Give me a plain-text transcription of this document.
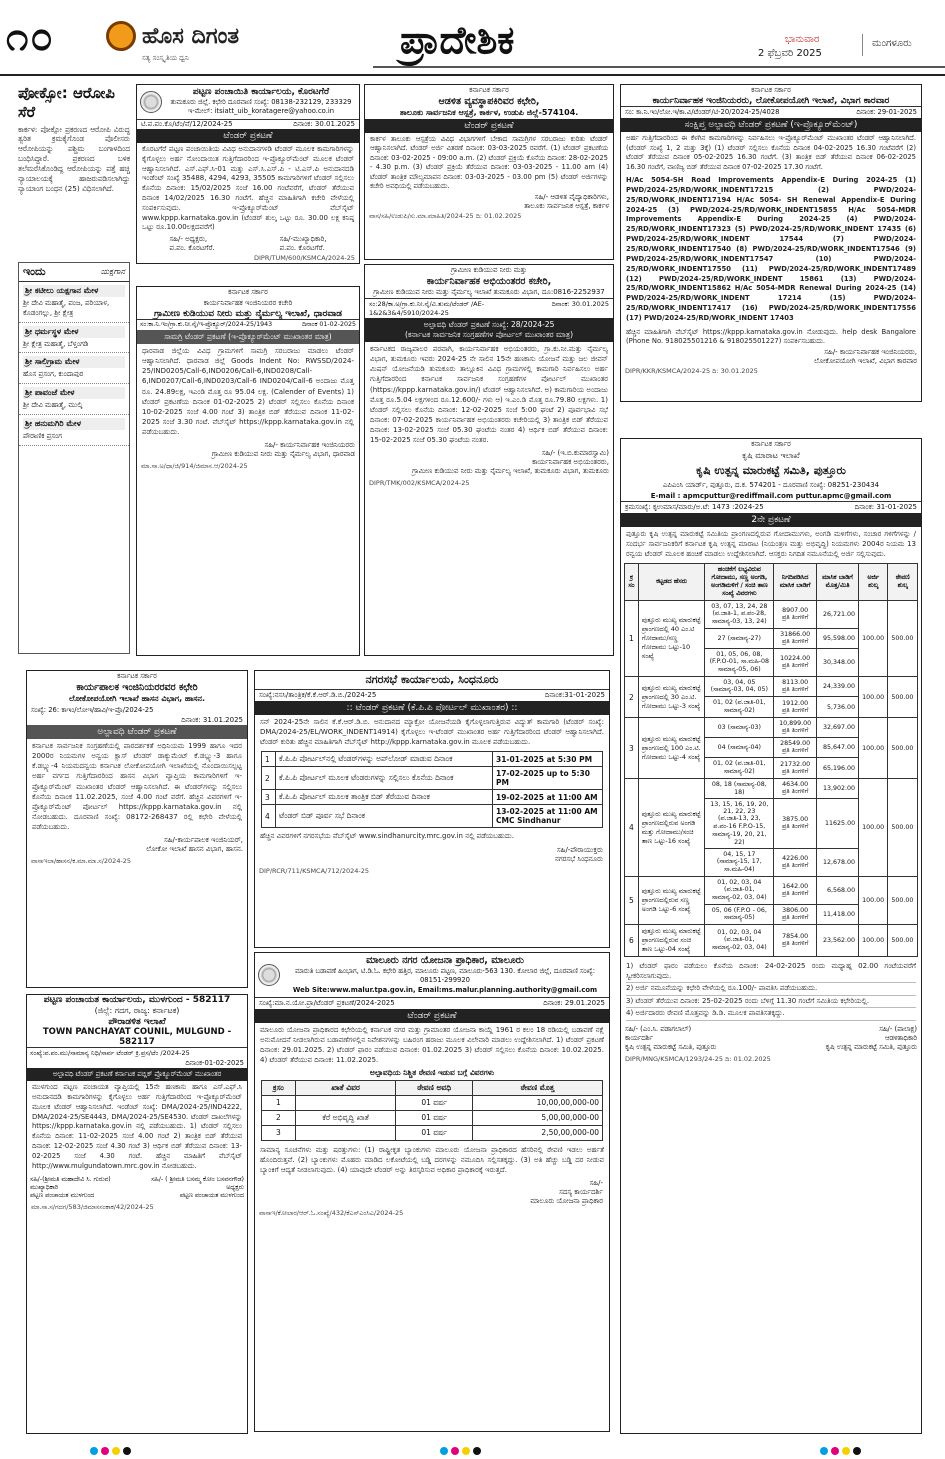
೧೦	ಹೊಸ ದಿಗಂತ
ಸತ್ಯ ಸಂಸ್ಕೃತಿಯ ಧ್ವನಿ	ಪ್ರಾದೇಶಿಕ	ಭಾನುವಾರ
2 ಫೆಬ್ರವರಿ 2025
ಮಂಗಳೂರು
ಪೋಕ್ಸೋ: ಆರೋಪಿ ಸೆರೆ
ಕಾರ್ಕಳ: ಪೋಕ್ಸೋ ಪ್ರಕರಣದ ಆರೋಪಿ ವಿರುದ್ಧ ತ್ವರಿತ ಕ್ರಮಕೈಗೊಂಡ ಪೊಲೀಸರು ಆರೋಪಿಯನ್ನು ಪಶ್ಚಿಮ ಬಂಗಾಳದಿಂದ ಬಂಧಿಸಿದ್ದಾರೆ. ಪ್ರಕರಣದ ಬಳಿಕ ತಲೆಮರೆಸಿಕೊಂಡಿದ್ದ ಆರೋಪಿಯನ್ನು ಪತ್ತೆ ಹಚ್ಚಿ ನ್ಯಾಯಾಲಯಕ್ಕೆ ಹಾಜರುಪಡಿಸಲಾಗಿದ್ದು ನ್ಯಾಯಾಂಗ ಬಂಧನ (25) ವಿಧಿಸಲಾಗಿದೆ.
ಇಂದು	ಯಕ್ಷಗಾನ
ಶ್ರೀ ಕಟೀಲು ಯಕ್ಷಗಾನ ಮೇಳ
ಶ್ರೀ ದೇವಿ ಮಹಾತ್ಮೆ, ಪಂಜ, ಪರಿಯಾಳ, ಕೊಡಂಗಲ್ಲು, ಶ್ರೀ ಕ್ಷೇತ್ರ
ಶ್ರೀ ಧರ್ಮಸ್ಥಳ ಮೇಳ
ಶ್ರೀ ಕ್ಷೇತ್ರ ಮಹಾತ್ಮೆ, ಬೆಳ್ತಂಗಡಿ
ಶ್ರೀ ಸಾಲಿಗ್ರಾಮ ಮೇಳ
ಹೊಸ ಪ್ರಸಂಗ, ಕುಂದಾಪುರ
ಶ್ರೀ ಪಾವಂಜೆ ಮೇಳ
ಶ್ರೀ ದೇವಿ ಮಹಾತ್ಮೆ, ಮುಲ್ಕಿ
ಶ್ರೀ ಹನುಮಗಿರಿ ಮೇಳ
ಪೌರಾಣಿಕ ಪ್ರಸಂಗ
ಪಟ್ಟಣ ಪಂಚಾಯಿತಿ ಕಾರ್ಯಾಲಯ, ಕೊರಟಗೆರೆ
ತುಮಕೂರು ಜಿಲ್ಲೆ. ಕಛೇರಿ ದೂರವಾಣಿ ಸಂಖ್ಯೆ: 08138-232129, 233329 ಇ-ಮೇಲ್: itsiatt_uib_koratagere@yahoo.co.in
ಟಿ.ಪ.ಪಂ.ಕೊ/ಟೆಂ/ವೆ/12/2024-25	ದಿನಾಂಕ: 30.01.2025
ಟೆಂಡರ್ ಪ್ರಕಟಣೆ
ಕೊರಟಗೆರೆ ಪಟ್ಟಣ ಪಂಚಾಯಿತಿಯ ವಿವಿಧ ಅನುದಾನಗಳಡಿ ಟೆಂಡರ್ ಮೂಲಕ ಕಾಮಗಾರಿಗಳನ್ನು ಕೈಗೊಳ್ಳಲು ಅರ್ಹ ನೋಂದಾಯಿತ ಗುತ್ತಿಗೆದಾರರಿಂದ ಇ-ಪ್ರೊಕ್ಯೂರ್‌ಮೆಂಟ್ ಮೂಲಕ ಟೆಂಡರ್ ಆಹ್ವಾನಿಸಲಾಗಿದೆ. ಎಸ್.ಎಫ್.ಸಿ-01 ಮತ್ತು ಎಸ್.ಸಿ.ಎಸ್.ಪಿ - ಟಿ.ಎಸ್.ಪಿ ಅನುದಾನದಡಿ ಇಂಡೆಂಟ್ ಸಂಖ್ಯೆ 35488, 4294, 4293, 35505 ಕಾಮಗಾರಿಗಳಿಗೆ ಟೆಂಡರ್ ಸಲ್ಲಿಸಲು ಕೊನೆಯ ದಿನಾಂಕ: 15/02/2025 ಸಂಜೆ 16.00 ಗಂಟೆವರೆಗೆ, ಟೆಂಡರ್ ತೆರೆಯುವ ದಿನಾಂಕ 14/02/2025 16.30 ಗಂಟೆಗೆ. ಹೆಚ್ಚಿನ ಮಾಹಿತಿಗಾಗಿ ಕಚೇರಿ ವೇಳೆಯಲ್ಲಿ ಸಂಪರ್ಕಿಸುವುದು. ಇ-ಪ್ರೊಕ್ಯೂರ್‌ಮೆಂಟ್ ವೆಬ್‌ಸೈಟ್ www.kppp.karnataka.gov.in (ಟೆಂಡರ್ ಶುಲ್ಕ ಒಟ್ಟು ರೂ. 30.00 ಲಕ್ಷ ಕನಿಷ್ಠ ಒಟ್ಟು ರೂ.10.00ಲಕ್ಷದವರೆಗೆ)
ಸಹಿ/- ಅಧ್ಯಕ್ಷರು,
ಪ.ಪಂ. ಕೊರಟಗೆರೆ.
ಸಹಿ/-ಮುಖ್ಯಾಧಿಕಾರಿ,
ಪ.ಪಂ. ಕೊರಟಗೆರೆ.
DIPR/TUM/600/KSMCA/2024-25
ಕರ್ನಾಟಕ ಸರ್ಕಾರ
ಆಡಳಿತ ವ್ಯವಸ್ಥಾಪಕಿರಿವರ ಕಛೇರಿ,
ತಾಲೂಕು ಸಾರ್ವಜನಿಕ ಆಸ್ಪತ್ರೆ, ಕಾರ್ಕಳ, ಉಡುಪಿ ಜಿಲ್ಲೆ-574104.
ಟೆಂಡರ್ ಪ್ರಕಟಣೆ
ಕಾರ್ಕಳ ತಾಲೂಕು ಆಸ್ಪತ್ರೆಯ ವಿವಿಧ ವಿಭಾಗಗಳಿಗೆ ಬೇಕಾದ ಸಾಮಗ್ರಿಗಳ ಸರಬರಾಜು ಕುರಿತು ಟೆಂಡರ್ ಆಹ್ವಾನಿಸಲಾಗಿದೆ. ಟೆಂಡರ್ ಅರ್ಜಿ ವಿತರಣೆ ದಿನಾಂಕ: 03-03-2025 ರವರೆಗೆ. (1) ಟೆಂಡರ್ ಪ್ರಕಟಣೆಯ ದಿನಾಂಕ: 03-02-2025 - 09:00 a.m. (2) ಟೆಂಡರ್ ಪ್ರಕ್ರಿಯೆ ಕೊನೆಯ ದಿನಾಂಕ: 28-02-2025 - 4.30 p.m. (3) ಟೆಂಡರ್ ಪ್ರಕ್ರಿಯೆ ತೆರೆಯುವ ದಿನಾಂಕ: 03-03-2025 - 11.00 am (4) ಟೆಂಡರ್ ತಾಂತ್ರಿಕ ಮೌಲ್ಯಮಾಪನ ದಿನಾಂಕ: 03-03-2025 - 03.00 pm (5) ಟೆಂಡರ್ ಅರ್ಜಿಗಳನ್ನು ಕಚೇರಿ ಅವಧಿಯಲ್ಲಿ ಪಡೆಯಬಹುದು.
ಸಹಿ/- ಆಡಳಿತ ವೈದ್ಯಾಧಿಕಾರಿಗಳು,
ತಾಲೂಕು ಸಾರ್ವಜನಿಕ ಆಸ್ಪತ್ರೆ, ಕಾರ್ಕಳ
ವಾಸ/ಸಹಿ/ಉಡುಪಿ/ಸು.ಮಾ.ಮಾಹಿತಿ/2024-25 ದಿ: 01.02.2025
ಕರ್ನಾಟಕ ಸರ್ಕಾರ
ಕಾರ್ಯನಿರ್ವಾಹಕ ಇಂಜಿನಿಯರರು, ಲೋಕೋಪಯೋಗಿ ಇಲಾಖೆ, ವಿಭಾಗ ಕಾರವಾರ
ಸಂ: ಕಾ.ನಿ.ಇಂ/ಲೋ.ಇ/ಕಾ.ವಿ/ಟೆಂಡರ್/ಟಿ-20/2024-25/4028	ದಿನಾಂಕ: 29-01-2025
ಸಂಕ್ಷಿಪ್ತ ಅಲ್ಪಾವಧಿ ಟೆಂಡರ್ ಪ್ರಕಟಣೆ (ಇ-ಪ್ರೊಕ್ಯೂರ್‌ಮೆಂಟ್)
ಅರ್ಹ ಗುತ್ತಿಗೆದಾರರಿಂದ ಈ ಕೆಳಗಿನ ಕಾಮಗಾರಿಗಳನ್ನು ನಿರ್ವಹಿಸಲು ಇ-ಪ್ರೊಕ್ಯೂರ್‌ಮೆಂಟ್ ಮುಖಾಂತರ ಟೆಂಡರ್ ಆಹ್ವಾನಿಸಲಾಗಿದೆ. (ಟೆಂಡರ್ ಸಂಖ್ಯೆ 1, 2 ಮತ್ತು 3ಕ್ಕೆ) (1) ಟೆಂಡರ್ ಸಲ್ಲಿಸಲು ಕೊನೆಯ ದಿನಾಂಕ 04-02-2025 16.30 ಗಂಟೆವರೆಗೆ (2) ಟೆಂಡರ್ ತೆರೆಯುವ ದಿನಾಂಕ 05-02-2025 16.30 ಗಂಟೆಗೆ. (3) ತಾಂತ್ರಿಕ ಬಿಡ್ ತೆರೆಯುವ ದಿನಾಂಕ 06-02-2025 16.30 ಗಂಟೆಗೆ, ವಾಣಿಜ್ಯ ಬಿಡ್ ತೆರೆಯುವ ದಿನಾಂಕ 07-02-2025 17.30 ಗಂಟೆಗೆ.
H/Ac 5054-SH Road Improvements Appendix-E During 2024-25 (1) PWD/2024-25/RD/WORK_INDENT17215 (2) PWD/2024-25/RD/WORK_INDENT17194 H/Ac 5054- SH Renewal Appendix-E During 2024-25 (3) PWD/2024-25/RD/WORK_INDENT15855 H/Ac 5054-MDR Improvements Appendix-E During 2024-25 (4) PWD/2024-25/RD/WORK_INDENT17323 (5) PWD/2024-25/RD/WORK_INDENT 17435 (6) PWD/2024-25/RD/WORK_INDENT 17544 (7) PWD/2024-25/RD/WORK_INDENT17540 (8) PWD/2024-25/RD/WORK_INDENT17546 (9) PWD/2024-25/RD/WORK_INDENT17547 (10) PWD/2024-25/RD/WORK_INDENT17550 (11) PWD/2024-25/RD/WORK_INDENT17489 (12) PWD/2024-25/RD/WORK_INDENT 15861 (13) PWD/2024-25/RD/WORK_INDENT15862 H/Ac 5054-MDR Renewal During 2024-25 (14) PWD/2024-25/RD/WORK_INDENT 17214 (15) PWD/2024-25/RD/WORK_INDENT17417 (16) PWD/2024-25/RD/WORK_INDENT17556 (17) PWD/2024-25/RD/WORK_INDENT 17403
ಹೆಚ್ಚಿನ ಮಾಹಿತಿಗಾಗಿ ವೆಬ್‌ಸೈಟ್ https://kppp.karnataka.gov.in ನೋಡುವುದು. help desk Bangalore (Phone No. 918025501216 & 918025501227) ಸಂಪರ್ಕಿಸಬಹುದು.
ಸಹಿ/- ಕಾರ್ಯನಿರ್ವಾಹಕ ಇಂಜಿನಿಯರರು,
ಲೋಕೋಪಯೋಗಿ ಇಲಾಖೆ, ವಿಭಾಗ ಕಾರವಾರ
DIPR/KKR/KSMCA/2024-25 ದಿ: 30.01.2025
ಕರ್ನಾಟಕ ಸರ್ಕಾರ
ಕಾರ್ಯನಿರ್ವಾಹಕ ಇಂಜಿನಿಯರರ ಕಚೇರಿ
ಗ್ರಾಮೀಣ ಕುಡಿಯುವ ನೀರು ಮತ್ತು ನೈರ್ಮಲ್ಯ ಇಲಾಖೆ, ಧಾರವಾಡ
ಸಂ:ಕಾ.ನಿ.ಇಂ/ಗ್ರಾ.ಕು.ನೀ.ನೈ/ಇ-ಪ್ರೊಕ್ಯೂರ್/2024-25/1943	ದಿನಾಂಕ 01-02-2025
ಸಾಮಗ್ರಿ ಟೆಂಡರ್ ಪ್ರಕಟಣೆ (ಇ-ಪ್ರೊಕ್ಯೂರ್‌ಮೆಂಟ್ ಮುಖಾಂತರ ಮಾತ್ರ)
ಧಾರವಾಡ ಜಿಲ್ಲೆಯ ವಿವಿಧ ಗ್ರಾಮಗಳಿಗೆ ಸಾಮಗ್ರಿ ಸರಬರಾಜು ಮಾಡಲು ಟೆಂಡರ್ ಆಹ್ವಾನಿಸಲಾಗಿದೆ. ಧಾರವಾಡ ಜಿಲ್ಲೆ Goods Indent No: RWSSD/2024-25/IND0205/Call-6,IND0206/Call-6,IND0208/Call-6,IND0207/Call-6,IND0203/Call-6 IND0204/Call-6 ಅಂದಾಜು ಮೊತ್ತ ರೂ. 24.89ಲಕ್ಷ, ಇಎಂಡಿ ಮೊತ್ತ ರೂ 95.04 ಲಕ್ಷ. (Calender of Events) 1) ಟೆಂಡರ್ ಪ್ರಕಟಣೆಯ ದಿನಾಂಕ 01-02-2025 2) ಟೆಂಡರ್ ಸಲ್ಲಿಸಲು ಕೊನೆಯ ದಿನಾಂಕ 10-02-2025 ಸಂಜೆ 4.00 ಗಂಟೆ 3) ತಾಂತ್ರಿಕ ಬಿಡ್ ತೆರೆಯುವ ದಿನಾಂಕ 11-02-2025 ಸಂಜೆ 3.30 ಗಂಟೆ. ವೆಬ್‌ಸೈಟ್ https://kppp.karnataka.gov.in ನಲ್ಲಿ ಪಡೆಯಬಹುದು.
ಸಹಿ/- ಕಾರ್ಯನಿರ್ವಾಹಕ ಇಂಜಿನಿಯರರು
ಗ್ರಾಮೀಣ ಕುಡಿಯುವ ನೀರು ಮತ್ತು ನೈರ್ಮಲ್ಯ ವಿಭಾಗ, ಧಾರವಾಡ
ಮಾ.ಸಾ.ಅ/ಧಾ/ಜಿ/914/ಜಿಮಾಸ.ಆ/2024-25
ಗ್ರಾಮೀಣ ಕುಡಿಯುವ ನೀರು ಮತ್ತು
ಕಾರ್ಯನಿರ್ವಾಹಕ ಅಭಿಯಂತರರ ಕಚೇರಿ,
ಗ್ರಾಮೀಣ ಕುಡಿಯುವ ನೀರು ಮತ್ತು ನೈರ್ಮಲ್ಯ ಇಲಾಖೆ ತುಮಕೂರು ವಿಭಾಗ, ದೂ:0816-2252937
ಸಂ:28/ಕಾ.ಅ/ಗ್ರಾ.ಕು.ನೀ.ನೈ/ವಿ.ತುಮ/ಟೆಂಡರ್ /AE-1&2&3&4/5910/2024-25
ದಿನಾಂಕ: 30.01.2025
ಅಲ್ಪಾವಧಿ ಟೆಂಡರ್ ಪ್ರಕಟಣೆ ಸಂಖ್ಯೆ: 28/2024-25
(ಕರ್ನಾಟಕ ಸಾರ್ವಜನಿಕ ಸಂಗ್ರಹಣೆಗಳ ಪೋರ್ಟಲ್ ಮುಖಾಂತರ ಮಾತ್ರ)
ಕರ್ನಾಟಕದ ರಾಜ್ಯಪಾಲರ ಪರವಾಗಿ, ಕಾರ್ಯನಿರ್ವಾಹಕ ಅಭಿಯಂತರರು, ಗ್ರಾ.ಕು.ನೀ.ಮತ್ತು ನೈರ್ಮಲ್ಯ ವಿಭಾಗ, ತುಮಕೂರು ಇವರು 2024-25 ನೇ ಸಾಲಿನ 15ನೇ ಹಣಕಾಸು ಯೋಜನೆ ಮತ್ತು ಜಲ ಜೀವನ್ ಮಿಷನ್ ಯೋಜನೆಯಡಿ ತುಮಕೂರು ತಾಲ್ಲೂಕಿನ ವಿವಿಧ ಗ್ರಾಮಗಳಲ್ಲಿ ಕಾಮಗಾರಿ ನಿರ್ವಹಿಸಲು ಅರ್ಹ ಗುತ್ತಿಗೆದಾರರಿಂದ ಕರ್ನಾಟಕ ಸಾರ್ವಜನಿಕ ಸಂಗ್ರಹಣೆಗಳ ಪೋರ್ಟಲ್ ಮುಖಾಂತರ (https://kppp.karnataka.gov.in/) ಟೆಂಡರ್ ಆಹ್ವಾನಿಸಲಾಗಿದೆ. ಅ) ಕಾಮಗಾರಿಯ ಅಂದಾಜು ಮೊತ್ತ ರೂ.5.04 ಲಕ್ಷಗಳಿಂದ ರೂ.12.600/- ಗಳು ಆ) ಇ.ಎಂ.ಡಿ ಮೊತ್ತ ರೂ.79.80 ಲಕ್ಷಗಳು. 1) ಟೆಂಡರ್ ಸಲ್ಲಿಸಲು ಕೊನೆಯ ದಿನಾಂಕ: 12-02-2025 ಸಂಜೆ 5:00 ಘಂಟೆ 2) ಪೂರ್ವಭಾವಿ ಸಭೆ ದಿನಾಂಕ: 07-02-2025 ಕಾರ್ಯನಿರ್ವಾಹಕ ಅಭಿಯಂತರರು ಕಚೇರಿಯಲ್ಲಿ 3) ತಾಂತ್ರಿಕ ಬಿಡ್ ತೆರೆಯುವ ದಿನಾಂಕ: 13-02-2025 ಸಂಜೆ 05.30 ಘಂಟೆಯ ನಂತರ 4) ಆರ್ಥಿಕ ಬಿಡ್ ತೆರೆಯುವ ದಿನಾಂಕ: 15-02-2025 ಸಂಜೆ 05.30 ಘಂಟೆಯ ನಂತರ.
ಸಹಿ/- (ಇ.ಬಿ.ಕುಮಾರಸ್ವಾಮಿ)
ಕಾರ್ಯನಿರ್ವಾಹಕ ಅಭಿಯಂತರರು,
ಗ್ರಾಮೀಣ ಕುಡಿಯುವ ನೀರು ಮತ್ತು ನೈರ್ಮಲ್ಯ ಇಲಾಖೆ, ತುಮಕೂರು ವಿಭಾಗ, ತುಮಕೂರು
DIPR/TMK/002/KSMCA/2024-25
ಕರ್ನಾಟಕ ಸರ್ಕಾರ
ಕೃಷಿ ಮಾರಾಟ ಇಲಾಖೆ
ಕೃಷಿ ಉತ್ಪನ್ನ ಮಾರುಕಟ್ಟೆ ಸಮಿತಿ, ಪುತ್ತೂರು
ಎಪಿಎಂಸಿ ಯಾರ್ಡ್, ಪುತ್ತೂರು, ದ.ಕ. 574201 - ದೂರವಾಣಿ ಸಂಖ್ಯೆ: 08251-230434
E-mail : apmcputtur@rediffmail.com puttur.apmc@gmail.com
ಕ್ರಮಸಂಖ್ಯೆ: ಕೃಉಮಾಸ/ಮಾರು/ಅ.ಟೆ: 1473 :2024-25	ದಿನಾಂಕ: 31-01-2025
2ನೇ ಪ್ರಕಟಣೆ
ಪುತ್ತೂರು ಕೃಷಿ ಉತ್ಪನ್ನ ಮಾರುಕಟ್ಟೆ ಸಮಿತಿಯ ಪ್ರಾಂಗಣದಲ್ಲಿರುವ ಗೋದಾಮುಗಳು, ಅಂಗಡಿ ಮಳಿಗೆಗಳು, ಸಂಚಾರ ಗಳಿಗೆಗಳನ್ನು / ಸಂದರ್ಭ ಸಾರ್ವಜನಿಕರಿಗೆ ಕರ್ನಾಟಕ ಕೃಷಿ ಉತ್ಪನ್ನ ಮಾರಾಟ (ನಿಯಂತ್ರಣ ಮತ್ತು ಅಭಿವೃದ್ಧಿ) ನಿಯಮಗಳು 2004ರ ನಿಯಮ 13 ರನ್ವಯ ಟೆಂಡರ್ ಮೂಲಕ ಹಂಚಿಕೆ ಮಾಡಲು ಉದ್ದೇಶಿಸಲಾಗಿದೆ. ಆಸಕ್ತರು ನಿಗದಿತ ನಮೂನೆಯಲ್ಲಿ ಅರ್ಜಿ ಸಲ್ಲಿಸುವುದು.
ಕ್ರ ಸಂ	ಕಟ್ಟಡದ ಹೆಸರು	ಹಂಚಿಕೆಗೆ ಲಭ್ಯವಿರುವ ಗೋದಾಮು, ಸಣ್ಣ ಅಂಗಡಿ, ಅಂಗಡಿಮಳಿಗೆ / ಸಂಚಿ ತಾಣ ಸಂಖ್ಯೆ ವಿವರಗಳು	ನಿಗದಿಪಡಿಸಿದ ಮಾಸಿಕ ಬಾಡಿಗೆ	ಮಾಸಿಕ ಬಾಡಿಗೆ ಮೊತ್ತ/ಮಿತಿ	ಅರ್ಜಿ ಶುಲ್ಕ	ಠೇವಣಿ ಶುಲ್ಕ
1	ಪುತ್ತೂರು ಮುಖ್ಯ ಮಾರುಕಟ್ಟೆ ಪ್ರಾಂಗಣದಲ್ಲಿ 40 ಎಂ.ಟಿ ಗೋದಾಮು/ಸಣ್ಣ ಗೋದಾಮು ಒಟ್ಟು-10 ಸಂಖ್ಯೆ	03, 07, 13, 24, 28 (ಪ.ಜಾತಿ-1, ಪ.ಪಂ-28, ಸಾಮಾನ್ಯ-03, 13, 24)	8907.00 ಪ್ರತಿ ತಿಂಗಳಿಗೆ	26,721.00	100.00	500.00
		27 (ಸಾಮಾನ್ಯ-27)	31866.00 ಪ್ರತಿ ತಿಂಗಳಿಗೆ	95,598.00		
		01, 05, 06, 08, (F.P.O-01, ಸಾ.ಮಹಿ-08 ಸಾಮಾನ್ಯ-05, 06)	10224.00 ಪ್ರತಿ ತಿಂಗಳಿಗೆ	30,348.00		
2	ಪುತ್ತೂರು ಮುಖ್ಯ ಮಾರುಕಟ್ಟೆ ಪ್ರಾಂಗಣದಲ್ಲಿ 30 ಎಂ.ಟಿ. ಗೋದಾಮು ಒಟ್ಟು-3 ಸಂಖ್ಯೆ	03, 04, 05 (ಸಾಮಾನ್ಯ-03, 04, 05)	8113.00 ಪ್ರತಿ ತಿಂಗಳಿಗೆ	24,339.00	100.00	500.00
		01, 02 (ಪ.ಜಾತಿ-01, ಸಾಮಾನ್ಯ-02)	1912.00 ಪ್ರತಿ ತಿಂಗಳಿಗೆ	5,736.00		
3	ಪುತ್ತೂರು ಮುಖ್ಯ ಮಾರುಕಟ್ಟೆ ಪ್ರಾಂಗಣದಲ್ಲಿ 100 ಎಂ.ಟಿ. ಗೋದಾಮು ಒಟ್ಟು-4 ಸಂಖ್ಯೆ	03 (ಸಾಮಾನ್ಯ-03)	10,899.00 ಪ್ರತಿ ತಿಂಗಳಿಗೆ	32,697.00	100.00	500.00
		04 (ಸಾಮಾನ್ಯ-04)	28549.00 ಪ್ರತಿ ತಿಂಗಳಿಗೆ	85,647.00		
		01, 02 (ಪ.ಜಾತಿ-01, ಸಾಮಾನ್ಯ-02)	21732.00 ಪ್ರತಿ ತಿಂಗಳಿಗೆ	65,196.00		
4	ಪುತ್ತೂರು ಮುಖ್ಯ ಮಾರುಕಟ್ಟೆ ಪ್ರಾಂಗಣದಲ್ಲಿರುವ ಅಂಗಡಿ ಮತ್ತು ಗೋದಾಮು/ಸಂಚಿ ತಾಣ ಒಟ್ಟು-16 ಸಂಖ್ಯೆ	08, 18 (ಸಾಮಾನ್ಯ-08, 18)	4634.00 ಪ್ರತಿ ತಿಂಗಳಿಗೆ	13,902.00	100.00	500.00
		13, 15, 16, 19, 20, 21, 22, 23 (ಪ.ಜಾತಿ-13, 23, ಪ.ಪಂ-16 F.P.O-15, ಸಾಮಾನ್ಯ-19, 20, 21, 22)	3875.00 ಪ್ರತಿ ತಿಂಗಳಿಗೆ	11625.00		
		04, 15, 17 (ಸಾಮಾನ್ಯ-15, 17, ಸಾ.ಮಹಿ-04)	4226.00 ಪ್ರತಿ ತಿಂಗಳಿಗೆ	12,678.00		
5	ಪುತ್ತೂರು ಮುಖ್ಯ ಮಾರುಕಟ್ಟೆ ಪ್ರಾಂಗಣದಲ್ಲಿರುವ ಸಣ್ಣ ಅಂಗಡಿ ಒಟ್ಟು-6 ಸಂಖ್ಯೆ	01, 02, 03, 04 (ಪ.ಜಾತಿ-01, ಸಾಮಾನ್ಯ-02, 03, 04)	1642.00 ಪ್ರತಿ ತಿಂಗಳಿಗೆ	6,568.00	100.00	500.00
		05, 06 (F.P.O - 06, ಸಾಮಾನ್ಯ-05)	3806.00 ಪ್ರತಿ ತಿಂಗಳಿಗೆ	11,418.00		
6	ಪುತ್ತೂರು ಮುಖ್ಯ ಮಾರುಕಟ್ಟೆ ಪ್ರಾಂಗಣದಲ್ಲಿರುವ ಸಂಚಿ ತಾಣ ಒಟ್ಟು-04 ಸಂಖ್ಯೆ	01, 02, 03, 04 (ಪ.ಜಾತಿ-01, ಸಾಮಾನ್ಯ-02, 03, 04)	7854.00 ಪ್ರತಿ ತಿಂಗಳಿಗೆ	23,562.00	100.00	500.00
1) ಟೆಂಡರ್ ಫಾರಂ ಪಡೆಯಲು ಕೊನೆಯ ದಿನಾಂಕ: 24-02-2025 ರಂದು ಮಧ್ಯಾಹ್ನ 02.00 ಗಂಟೆಯವರೆಗೆ ಸ್ವೀಕರಿಸಲಾಗುವುದು.
2) ಅರ್ಜಿ ನಮೂನೆಯನ್ನು ಕಛೇರಿ ವೇಳೆಯಲ್ಲಿ ರೂ.100/- ಪಾವತಿಸಿ ಪಡೆಯಬಹುದು.
3) ಟೆಂಡರ್ ತೆರೆಯುವ ದಿನಾಂಕ: 25-02-2025 ರಂದು ಬೆಳಿಗ್ಗೆ 11.30 ಗಂಟೆಗೆ ಸಮಿತಿಯ ಕಛೇರಿಯಲ್ಲಿ.
4) ಅರ್ಜಿದಾರರು ಠೇವಣಿ ಮೊತ್ತವನ್ನು ಡಿ.ಡಿ. ಮೂಲಕ ಪಾವತಿಸತಕ್ಕದ್ದು.
ಸಹಿ/- (ಎಂ.ಸಿ. ಪಡಾಗಲಾಲ್)
ಕಾರ್ಯದರ್ಶಿ
ಕೃಷಿ ಉತ್ಪನ್ನ ಮಾರುಕಟ್ಟೆ ಸಮಿತಿ, ಪುತ್ತೂರು
ಸಹಿ/- (ಪಾಲಾಕ್ಷ)
ಆಡಳಿತಾಧಿಕಾರಿ
ಕೃಷಿ ಉತ್ಪನ್ನ ಮಾರುಕಟ್ಟೆ ಸಮಿತಿ, ಪುತ್ತೂರು
DIPR/MNG/KSMCA/1293/24-25 ದಿ: 01.02.2025
ಕರ್ನಾಟಕ ಸರ್ಕಾರ
ಕಾರ್ಯಪಾಲಕ ಇಂಜಿನಿಯರರವರ ಕಛೇರಿ
ಲೋಕೋಪಯೋಗಿ ಇಲಾಖೆ ಹಾಸನ ವಿಭಾಗ, ಹಾಸನ.
ಸಂಖ್ಯೆ: 26: ಕಾಇಂ/ಲೋಇ/ಹಾವಿ/ಇ-ಪ್ರೊ/2024-25
ದಿನಾಂಕ: 31.01.2025
ಅಲ್ಪಾವಧಿ ಟೆಂಡರ್ ಪ್ರಕಟಣೆ
ಕರ್ನಾಟಕ ಸಾರ್ವಜನಿಕ ಸಂಗ್ರಹಣೆಯಲ್ಲಿ ಪಾರದರ್ಶಕತೆ ಅಧಿನಿಯಮ 1999 ಹಾಗೂ ಇದರ 2000ರ ನಿಯಮಗಳ ಅನ್ವಯ ಕ್ಲಾಸ್ ಟೆಂಡರ್ ಡಾಕ್ಯುಮೆಂಟ್ ಕೆ.ಡಬ್ಲ್ಯು-3 ಹಾಗೂ ಕೆ.ಡಬ್ಲ್ಯು-4 ನಿಯಮದನ್ವಯ ಕರ್ನಾಟಕ ಲೋಕೋಪಯೋಗಿ ಇಲಾಖೆಯಲ್ಲಿ ನೊಂದಾಯಿಸಲ್ಪಟ್ಟ ಅರ್ಹ ವರ್ಗದ ಗುತ್ತಿಗೆದಾರರಿಂದ ಹಾಸನ ವಿಭಾಗ ವ್ಯಾಪ್ತಿಯ ಕಾಮಗಾರಿಗಳಿಗೆ ಇ-ಪ್ರೊಕ್ಯೂರ್‌ಮೆಂಟ್ ಮುಖಾಂತರ ಟೆಂಡರ್ ಆಹ್ವಾನಿಸಲಾಗಿದೆ. ಈ ಟೆಂಡರ್‌ಗಳನ್ನು ಸಲ್ಲಿಸಲು ಕೊನೆಯ ದಿನಾಂಕ 11.02.2025, ಸಂಜೆ 4.00 ಗಂಟೆ ವರೆಗೆ. ಹೆಚ್ಚಿನ ವಿವರಗಳಿಗೆ ಇ-ಪ್ರೊಕ್ಯೂರ್‌ಮೆಂಟ್ ಪೋರ್ಟಲ್ https://kppp.karnataka.gov.in ನಲ್ಲಿ ನೋಡಬಹುದು. ದೂರವಾಣಿ ಸಂಖ್ಯೆ: 08172-268437 ರಲ್ಲಿ ಕಛೇರಿ ವೇಳೆಯಲ್ಲಿ ಪಡೆಯಬಹುದು.
ಸಹಿ/-ಕಾರ್ಯಪಾಲಕ ಇಂಜಿನಿಯರ್,
ಲೋಕೋ ಇಲಾಖೆ ಹಾಸನ ವಿಭಾಗ, ಹಾಸನ.
ವಾಸಾಇಲಾ/ಹಾಸನ/ಕ.ಮಾ.ಮಾ.ಸ/2024-25
ನಗರಸಭೆ ಕಾರ್ಯಾಲಯ, ಸಿಂಧನೂರು
ಸಂಖ್ಯೆ:ನಸಸಿ/ತಾಂತ್ರಿಕ/ಕೆ.ಕೆ.ಆರ್.ಡಿ.ಬಿ./2024-25	ದಿನಾಂಕ:31-01-2025
:: ಟೆಂಡರ್ ಪ್ರಕಟಣೆ (ಕೆ.ಪಿ.ಪಿ ಪೋರ್ಟಲ್ ಮುಖಾಂತರ) ::
ಸನ್ 2024-25ನೇ ಸಾಲಿನ ಕೆ.ಕೆ.ಆರ್.ಡಿ.ಬಿ. ಅನುದಾನದ ಮ್ಯಾಕ್ರೋ ಯೋಜನೆಯಡಿ ಕೈಗೊಳ್ಳಲಾಗುತ್ತಿರುವ ವಿದ್ಯುತ್ ಕಾಮಗಾರಿ (ಟೆಂಡರ್ ಸಂಖ್ಯೆ: DMA/2024-25/EL/WORK_INDENT14914) ಕೈಗೊಳ್ಳಲು ಇ-ಟೆಂಡರ್ ಮುಖಾಂತರ ಅರ್ಹ ಗುತ್ತಿಗೆದಾರರಿಂದ ಟೆಂಡರ್ ಆಹ್ವಾನಿಸಲಾಗಿದೆ. ಟೆಂಡರ್ ಕುರಿತು ಹೆಚ್ಚಿನ ಮಾಹಿತಿಗಾಗಿ ವೆಬ್‌ಸೈಟ್ http://kppp.karnataka.gov.in ಮೂಲಕ ಪಡೆಯಬಹುದು.
1	ಕೆ.ಪಿ.ಪಿ ಪೋರ್ಟಲ್‌ನಲ್ಲಿ ಟೆಂಡರ್‌ಗಳನ್ನು ಅಪ್‌ಲೋಡ್ ಮಾಡುವ ದಿನಾಂಕ	31-01-2025 at 5:30 PM
2	ಕೆ.ಪಿ.ಪಿ ಪೋರ್ಟಲ್ ಮೂಲಕ ಟೆಂಡರುಗಳನ್ನು ಸಲ್ಲಿಸಲು ಕೊನೆಯ ದಿನಾಂಕ	17-02-2025 up to 5:30 PM
3	ಕೆ.ಪಿ.ಪಿ ಪೋರ್ಟಲ್ ಮೂಲಕ ತಾಂತ್ರಿಕ ಬಿಡ್ ತೆರೆಯುವ ದಿನಾಂಕ	19-02-2025 at 11:00 AM
4	ಟೆಂಡರ್ ಬಿಡ್ ಪೂರ್ವ ಸಭೆ ದಿನಾಂಕ	13-02-2025 at 11:00 AM CMC Sindhanur
ಹೆಚ್ಚಿನ ವಿವರಗಳಿಗೆ ನಗರಸಭೆಯ ವೆಬ್‌ಸೈಟ್ www.sindhanurcity.mrc.gov.in ನಲ್ಲಿ ಪಡೆಯಬಹುದು.
ಸಹಿ/-ಪೌರಾಯುಕ್ತರು
ನಗರಸಭೆ ಸಿಂಧನೂರು
DIP/RCR/711/KSMCA/712/2024-25
ಮಾಲೂರು ನಗರ ಯೋಜನಾ ಪ್ರಾಧಿಕಾರ, ಮಾಲೂರು
ಮಾರುತಿ ಬಡಾವಣೆ ಹಿಂಭಾಗ, ಟಿ.ಡಿ.ಓ. ಕಛೇರಿ ಹತ್ತಿರ, ಮಾಲೂರು ಪಟ್ಟಣ, ಮಾಲೂರು-563 130. ಕೋಲಾರ ಜಿಲ್ಲೆ, ದೂರವಾಣಿ ಸಂಖ್ಯೆ: 08151-299920
Web Site:www.malur.tpa.gov.in, Email:ms.malur.planning.authority@gmail.com
ಸಂಖ್ಯೆ:ಮಾ.ನ.ಯೋ.ಪ್ರಾ/ಟೆಂಡರ್ ಪ್ರಕಟಣೆ/2024-2025	ದಿನಾಂಕ: 29.01.2025
ಟೆಂಡರ್ ಪ್ರಕಟಣೆ
ಮಾಲೂರು ಯೋಜನಾ ಪ್ರಾಧಿಕಾರದ ಕಛೇರಿಯಲ್ಲಿ ಕರ್ನಾಟಕ ನಗರ ಮತ್ತು ಗ್ರಾಮಾಂತರ ಯೋಜನಾ ಕಾಯ್ದೆ 1961 ರ ಕಲಂ 18 ರಡಿಯಲ್ಲಿ ಬಡಾವಣೆ ನಕ್ಷೆ ಅನುಮೋದನೆ ನೀಡಲಾಗಿರುವ ಬಡಾವಣೆಗಳಲ್ಲಿನ ನಿವೇಶನಗಳನ್ನು ಬಹಿರಂಗ ಹರಾಜು ಮೂಲಕ ವಿಲೇವಾರಿ ಮಾಡಲು ಉದ್ದೇಶಿಸಲಾಗಿದೆ. 1) ಟೆಂಡರ್ ಪ್ರಕಟಣೆ ದಿನಾಂಕ: 29.01.2025. 2) ಟೆಂಡರ್ ಫಾರಂ ಪಡೆಯುವ ದಿನಾಂಕ: 01.02.2025 3) ಟೆಂಡರ್ ಸಲ್ಲಿಸಲು ಕೊನೆಯ ದಿನಾಂಕ: 10.02.2025. 4) ಟೆಂಡರ್ ತೆರೆಯುವ ದಿನಾಂಕ: 11.02.2025.
ಅಲ್ಪಾವಧಿಯ ನಿಶ್ಚಿತ ಠೇವಣಿ ಇಡುವ ಬಗ್ಗೆ ವಿವರಗಳು
ಕ್ರಸಂ	ಖಾತೆ ವಿವರ	ಠೇವಣಿ ಅವಧಿ	ಠೇವಣಿ ಮೊತ್ತ
1		01 ವರ್ಷ	10,00,00,000-00
2	ಕೆರೆ ಅಭಿವೃದ್ಧಿ ಖಾತೆ	01 ವರ್ಷ	5,00,00,000-00
3		01 ವರ್ಷ	2,50,00,000-00
ಸಾಮಾನ್ಯ ಸೂಚನೆಗಳು ಮತ್ತು ಷರತ್ತುಗಳು: (1) ರಾಷ್ಟ್ರೀಕೃತ ಬ್ಯಾಂಕುಗಳು ಮಾಲೂರು ಯೋಜನಾ ಪ್ರಾಧಿಕಾರದ ಹೆಸರಿನಲ್ಲಿ ಠೇವಣಿ ಇಡಲು ಅರ್ಹತೆ ಹೊಂದಿರುತ್ತವೆ. (2) ಬ್ಯಾಂಕುಗಳು ಮೊಹರು ಮಾಡಿದ ಲಕೋಟೆಯಲ್ಲಿ ಬಡ್ಡಿ ದರಗಳನ್ನು ನಮೂದಿಸಿ ಸಲ್ಲಿಸತಕ್ಕದ್ದು. (3) ಅತಿ ಹೆಚ್ಚು ಬಡ್ಡಿ ದರ ನೀಡುವ ಬ್ಯಾಂಕಿಗೆ ಆದ್ಯತೆ ನೀಡಲಾಗುವುದು. (4) ಯಾವುದೇ ಟೆಂಡರ್ ಅನ್ನು ತಿರಸ್ಕರಿಸುವ ಅಧಿಕಾರ ಪ್ರಾಧಿಕಾರಕ್ಕೆ ಇರುತ್ತದೆ.
ಸಹಿ/-
ಸದಸ್ಯ ಕಾರ್ಯದರ್ಶಿ
ಮಾಲೂರು ಯೋಜನಾ ಪ್ರಾಧಿಕಾರ
ವಾಸಾಇ/ಕೋಲಾರ/ಆರ್.ಓ.ಸಂಖ್ಯೆ/432/ಕೆಎಸ್‌ಎಂಸಿಎ/2024-25
ಪಟ್ಟಣ ಪಂಚಾಯತ ಕಾರ್ಯಾಲಯ, ಮುಳಗುಂದ - 582117
(ಜಿಲ್ಲೆ: ಗದಗ, ರಾಜ್ಯ: ಕರ್ನಾಟಕ)
ಪೌರಾಡಳಿತ ಇಲಾಖೆ
TOWN PANCHAYAT COUNIL, MULGUND - 582117
ಸಂಖ್ಯೆ:ಪ.ಪಂ.ಮು/ಸಾಮಾನ್ಯ ನಿಧಿ/ಸಾರ್ವ ಟೆಂಡರ್ ಕ್ರಿ.ಪ್ರಸ/ಟೆಂ /2024-25
ದಿನಾಂಕ-01-02-2025
ಅಲ್ಪಾವಧಿ ಟೆಂಡರ್ ಪ್ರಕಟಣೆ ಕರ್ನಾಟಕ ಪಬ್ಲಿಕ್ ಪ್ರೊಕ್ಯೂರ್‌ಮೆಂಟ್ ಮುಖಾಂತರ
ಮುಳಗುಂದ ಪಟ್ಟಣ ಪಂಚಾಯತ ವ್ಯಾಪ್ತಿಯಲ್ಲಿ 15ನೇ ಹಣಕಾಸು ಹಾಗೂ ಎಸ್.ಎಫ್.ಸಿ ಅನುದಾನದಡಿ ಕಾಮಗಾರಿಗಳನ್ನು ಕೈಗೊಳ್ಳಲು ಅರ್ಹ ಗುತ್ತಿಗೆದಾರರಿಂದ ಇ-ಪ್ರೊಕ್ಯೂರ್‌ಮೆಂಟ್ ಮೂಲಕ ಟೆಂಡರ್ ಆಹ್ವಾನಿಸಲಾಗಿದೆ. ಇಂಡೆಂಟ್ ಸಂಖ್ಯೆ: DMA/2024-25/IND4222, DMA/2024-25/SE4443, DMA/2024-25/SE4530. ಟೆಂಡರ್ ದಾಖಲೆಗಳನ್ನು https://kppp.karnataka.gov.in ನಲ್ಲಿ ಪಡೆಯಬಹುದು. 1) ಟೆಂಡರ್ ಸಲ್ಲಿಸಲು ಕೊನೆಯ ದಿನಾಂಕ: 11-02-2025 ಸಂಜೆ 4.00 ಗಂಟೆ 2) ತಾಂತ್ರಿಕ ಬಿಡ್ ತೆರೆಯುವ ದಿನಾಂಕ: 12-02-2025 ಸಂಜೆ 4.30 ಗಂಟೆ 3) ಆರ್ಥಿಕ ಬಿಡ್ ತೆರೆಯುವ ದಿನಾಂಕ: 13-02-2025 ಸಂಜೆ 4.30 ಗಂಟೆ. ಹೆಚ್ಚಿನ ಮಾಹಿತಿಗೆ ವೆಬ್‌ಸೈಟ್ http://www.mulgundatown.mrc.gov.in ನೋಡಬಹುದು.
ಸಹಿ/-(ಶ್ರೀಮತಿ ಮಹಾದೇವಿ ಸಿ. ಗುರುವ)
ಮುಖ್ಯಾಧಿಕಾರಿ
ಪಟ್ಟಣ ಪಂಚಾಯತ ಮುಳಗುಂದ
ಸಹಿ/- ( ಶ್ರೀಮತಿ ಬಸಮ್ಮ ಕೋಂ ಬಸವನಗೌಡ)
ಅಧ್ಯಕ್ಷರು
ಪಟ್ಟಣ ಪಂಚಾಯತ ಮುಳಗುಂದ
ಮಾ.ಸಾ.ಸ/ಗದಗ/583/ಜಿಮಾಸಸಂಕಾಕ/42/2024-25
